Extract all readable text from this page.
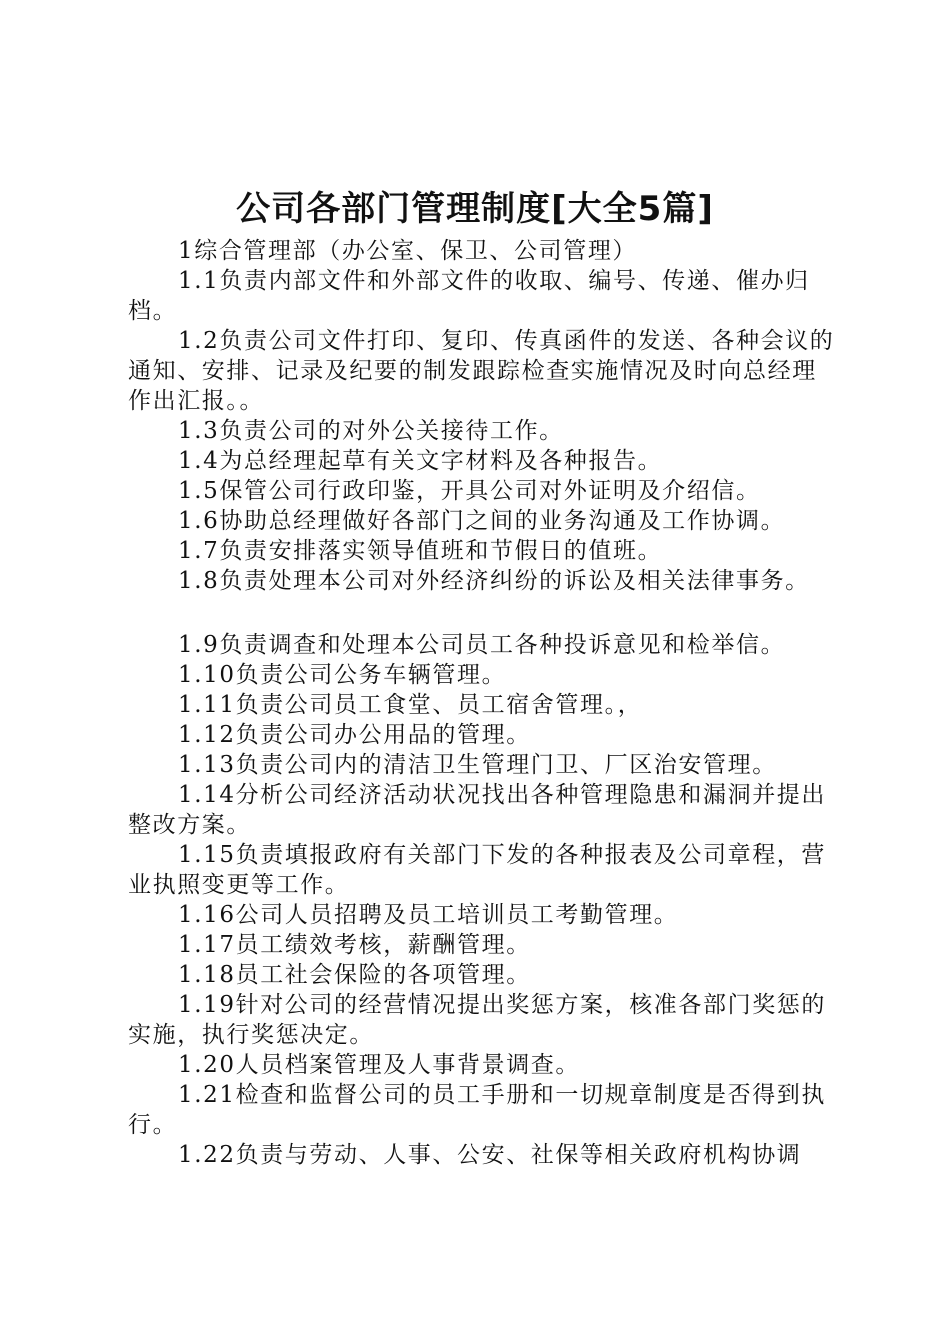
公司各部门管理制度[大全5篇]
1综合管理部（办公室、保卫、公司管理）
1.1负责内部文件和外部文件的收取、编号、传递、催办归档。
1.2负责公司文件打印、复印、传真函件的发送、各种会议的通知、安排、记录及纪要的制发跟踪检查实施情况及时向总经理作出汇报。。
1.3负责公司的对外公关接待工作。
1.4为总经理起草有关文字材料及各种报告。
1.5保管公司行政印鉴，开具公司对外证明及介绍信。
1.6协助总经理做好各部门之间的业务沟通及工作协调。
1.7负责安排落实领导值班和节假日的值班。
1.8负责处理本公司对外经济纠纷的诉讼及相关法律事务。
1.9负责调查和处理本公司员工各种投诉意见和检举信。
1.10负责公司公务车辆管理。
1.11负责公司员工食堂、员工宿舍管理。，
1.12负责公司办公用品的管理。
1.13负责公司内的清洁卫生管理门卫、厂区治安管理。
1.14分析公司经济活动状况找出各种管理隐患和漏洞并提出整改方案。
1.15负责填报政府有关部门下发的各种报表及公司章程，营业执照变更等工作。
1.16公司人员招聘及员工培训员工考勤管理。
1.17员工绩效考核，薪酬管理。
1.18员工社会保险的各项管理。
1.19针对公司的经营情况提出奖惩方案，核准各部门奖惩的实施，执行奖惩决定。
1.20人员档案管理及人事背景调查。
1.21检查和监督公司的员工手册和一切规章制度是否得到执行。
1.22负责与劳动、人事、公安、社保等相关政府机构协调
